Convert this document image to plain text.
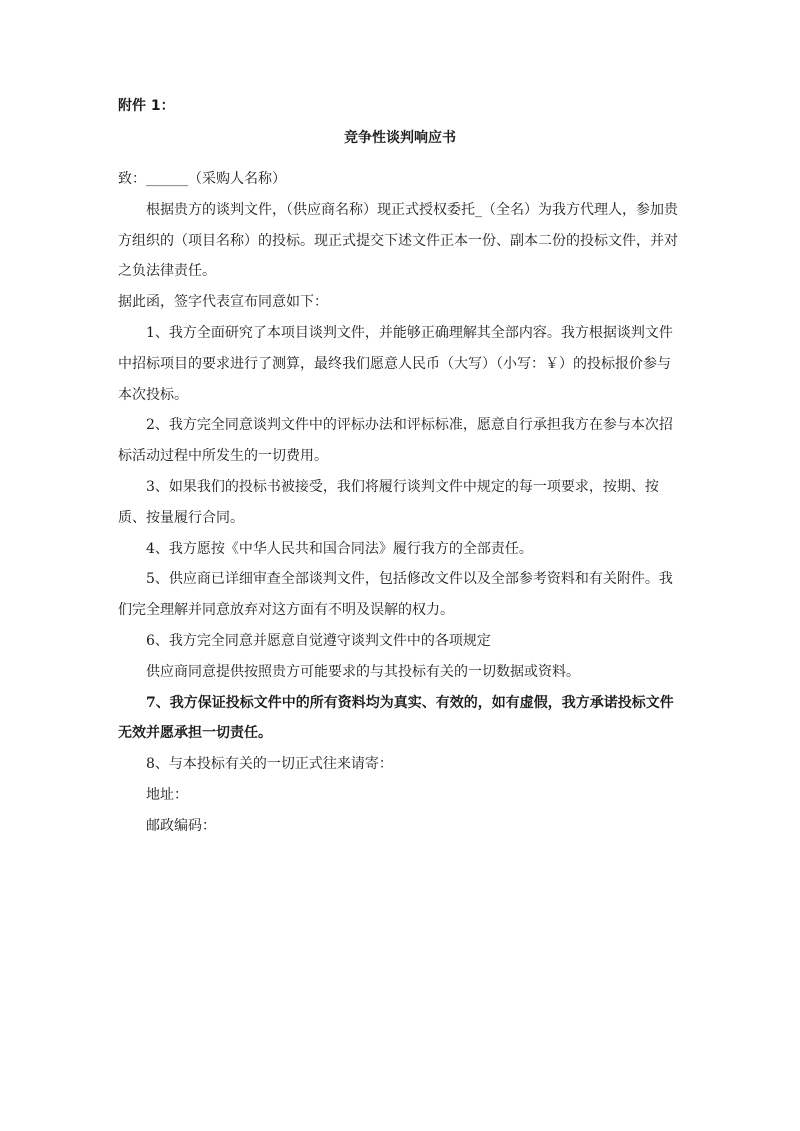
附件 1：
竞争性谈判响应书

致：______（采购人名称）

根据贵方的谈判文件，（供应商名称）现正式授权委托_（全名）为我方代理人，参加贵方组织的（项目名称）的投标。现正式提交下述文件正本一份、副本二份的投标文件，并对之负法律责任。

据此函，签字代表宣布同意如下：

1、我方全面研究了本项目谈判文件，并能够正确理解其全部内容。我方根据谈判文件中招标项目的要求进行了测算，最终我们愿意人民币（大写）（小写：￥）的投标报价参与本次投标。

2、我方完全同意谈判文件中的评标办法和评标标准，愿意自行承担我方在参与本次招标活动过程中所发生的一切费用。

3、如果我们的投标书被接受，我们将履行谈判文件中规定的每一项要求，按期、按质、按量履行合同。

4、我方愿按《中华人民共和国合同法》履行我方的全部责任。

5、供应商已详细审查全部谈判文件，包括修改文件以及全部参考资料和有关附件。我们完全理解并同意放弃对这方面有不明及误解的权力。

6、我方完全同意并愿意自觉遵守谈判文件中的各项规定

供应商同意提供按照贵方可能要求的与其投标有关的一切数据或资料。

7、我方保证投标文件中的所有资料均为真实、有效的，如有虚假，我方承诺投标文件无效并愿承担一切责任。

8、与本投标有关的一切正式往来请寄：

地址：

邮政编码：
